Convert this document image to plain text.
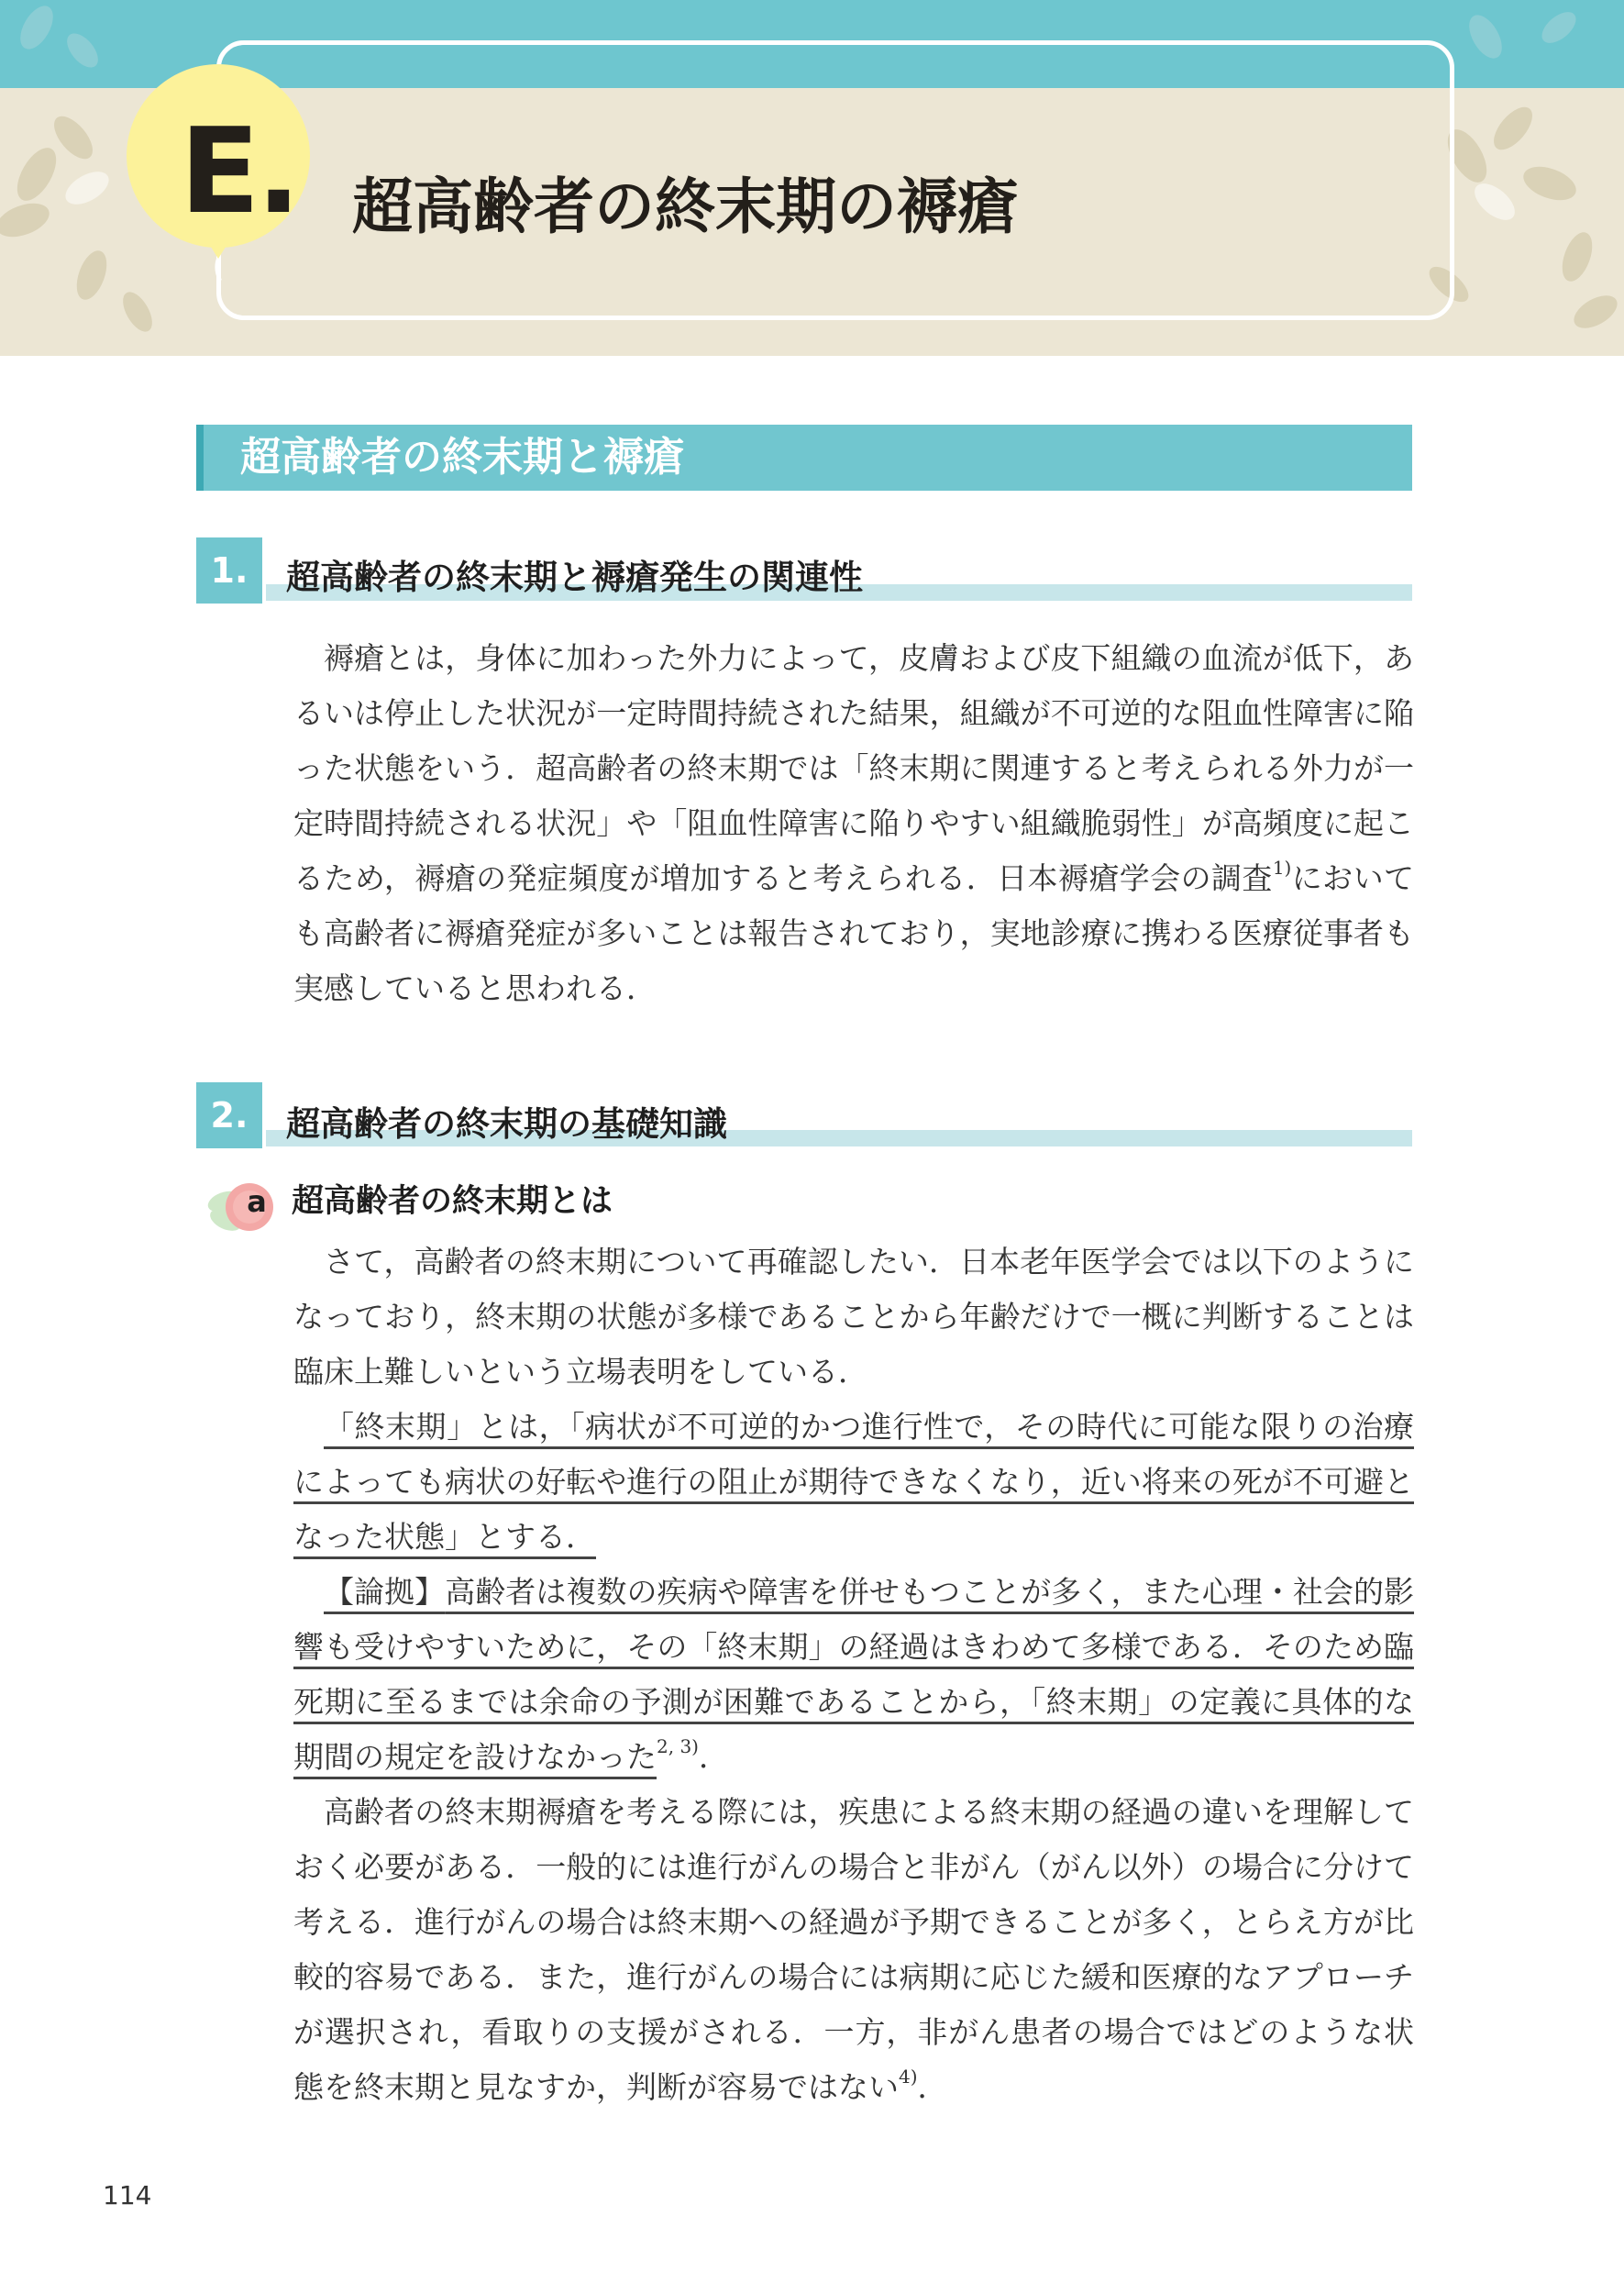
E. 超高齢者の終末期の褥瘡
超高齢者の終末期と褥瘡
1.	超高齢者の終末期と褥瘡発生の関連性

褥瘡とは，身体に加わった外力によって，皮膚および皮下組織の血流が低下，あるいは停止した状況が一定時間持続された結果，組織が不可逆的な阻血性障害に陥った状態をいう．超高齢者の終末期では「終末期に関連すると考えられる外力が一定時間持続される状況」や「阻血性障害に陥りやすい組織脆弱性」が高頻度に起こるため，褥瘡の発症頻度が増加すると考えられる．日本褥瘡学会の調査$^{1)}$においても高齢者に褥瘡発症が多いことは報告されており，実地診療に携わる医療従事者も実感していると思われる．

2.	超高齢者の終末期の基礎知識
a 超高齢者の終末期とは

さて，高齢者の終末期について再確認したい．日本老年医学会では以下のようになっており，終末期の状態が多様であることから年齢だけで一概に判断することは臨床上難しいという立場表明をしている．

「終末期」とは，「病状が不可逆的かつ進行性で，その時代に可能な限りの治療によっても病状の好転や進行の阻止が期待できなくなり，近い将来の死が不可避となった状態」とする．

【論拠】高齢者は複数の疾病や障害を併せもつことが多く，また心理・社会的影響も受けやすいために，その「終末期」の経過はきわめて多様である．そのため臨死期に至るまでは余命の予測が困難であることから，「終末期」の定義に具体的な期間の規定を設けなかった$^{2, 3)}$．

高齢者の終末期褥瘡を考える際には，疾患による終末期の経過の違いを理解しておく必要がある．一般的には進行がんの場合と非がん（がん以外）の場合に分けて考える．進行がんの場合は終末期への経過が予期できることが多く，とらえ方が比較的容易である．また，進行がんの場合には病期に応じた緩和医療的なアプローチが選択され，看取りの支援がされる．一方，非がん患者の場合ではどのような状態を終末期と見なすか，判断が容易ではない$^{4)}$．

114
